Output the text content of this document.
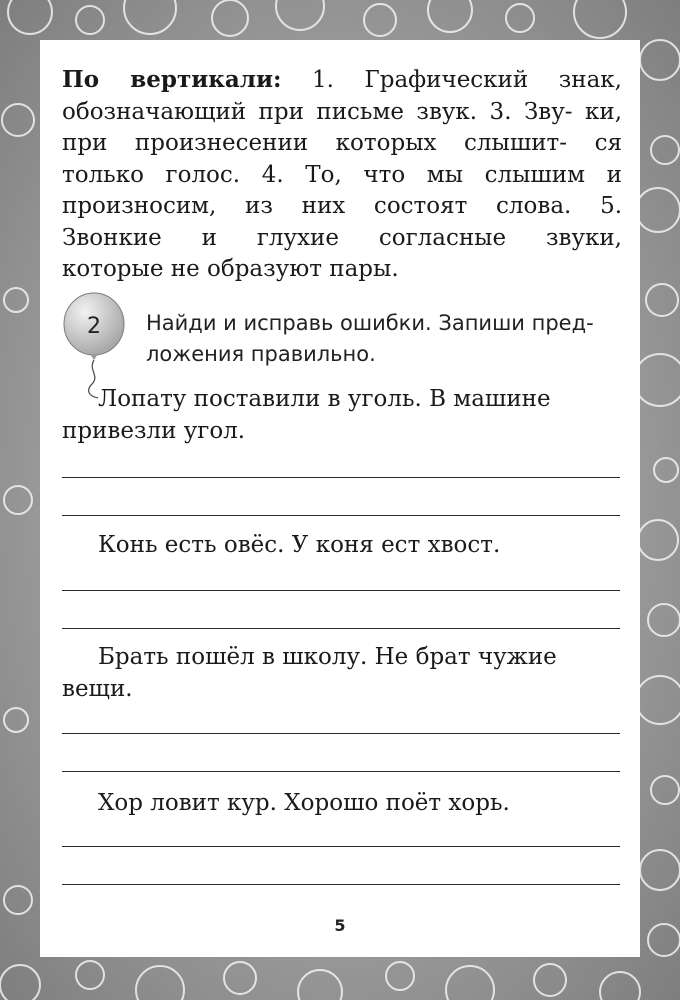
По вертикали: 1. Графический знак, обозначающий при письме звук. 3. Зву- ки, при произнесении которых слышит- ся только голос. 4. То, что мы слышим и произносим, из них состоят слова. 5. Звонкие и глухие согласные звуки,
которые не образуют пары.

2 Найди и исправь ошибки. Запиши пред-ложения правильно.

Лопату поставили в уголь. В машине привезли угол.

Конь есть овёс. У коня ест хвост.

Брать пошёл в школу. Не брат чужие вещи.

Хор ловит кур. Хорошо поёт хорь.

5
